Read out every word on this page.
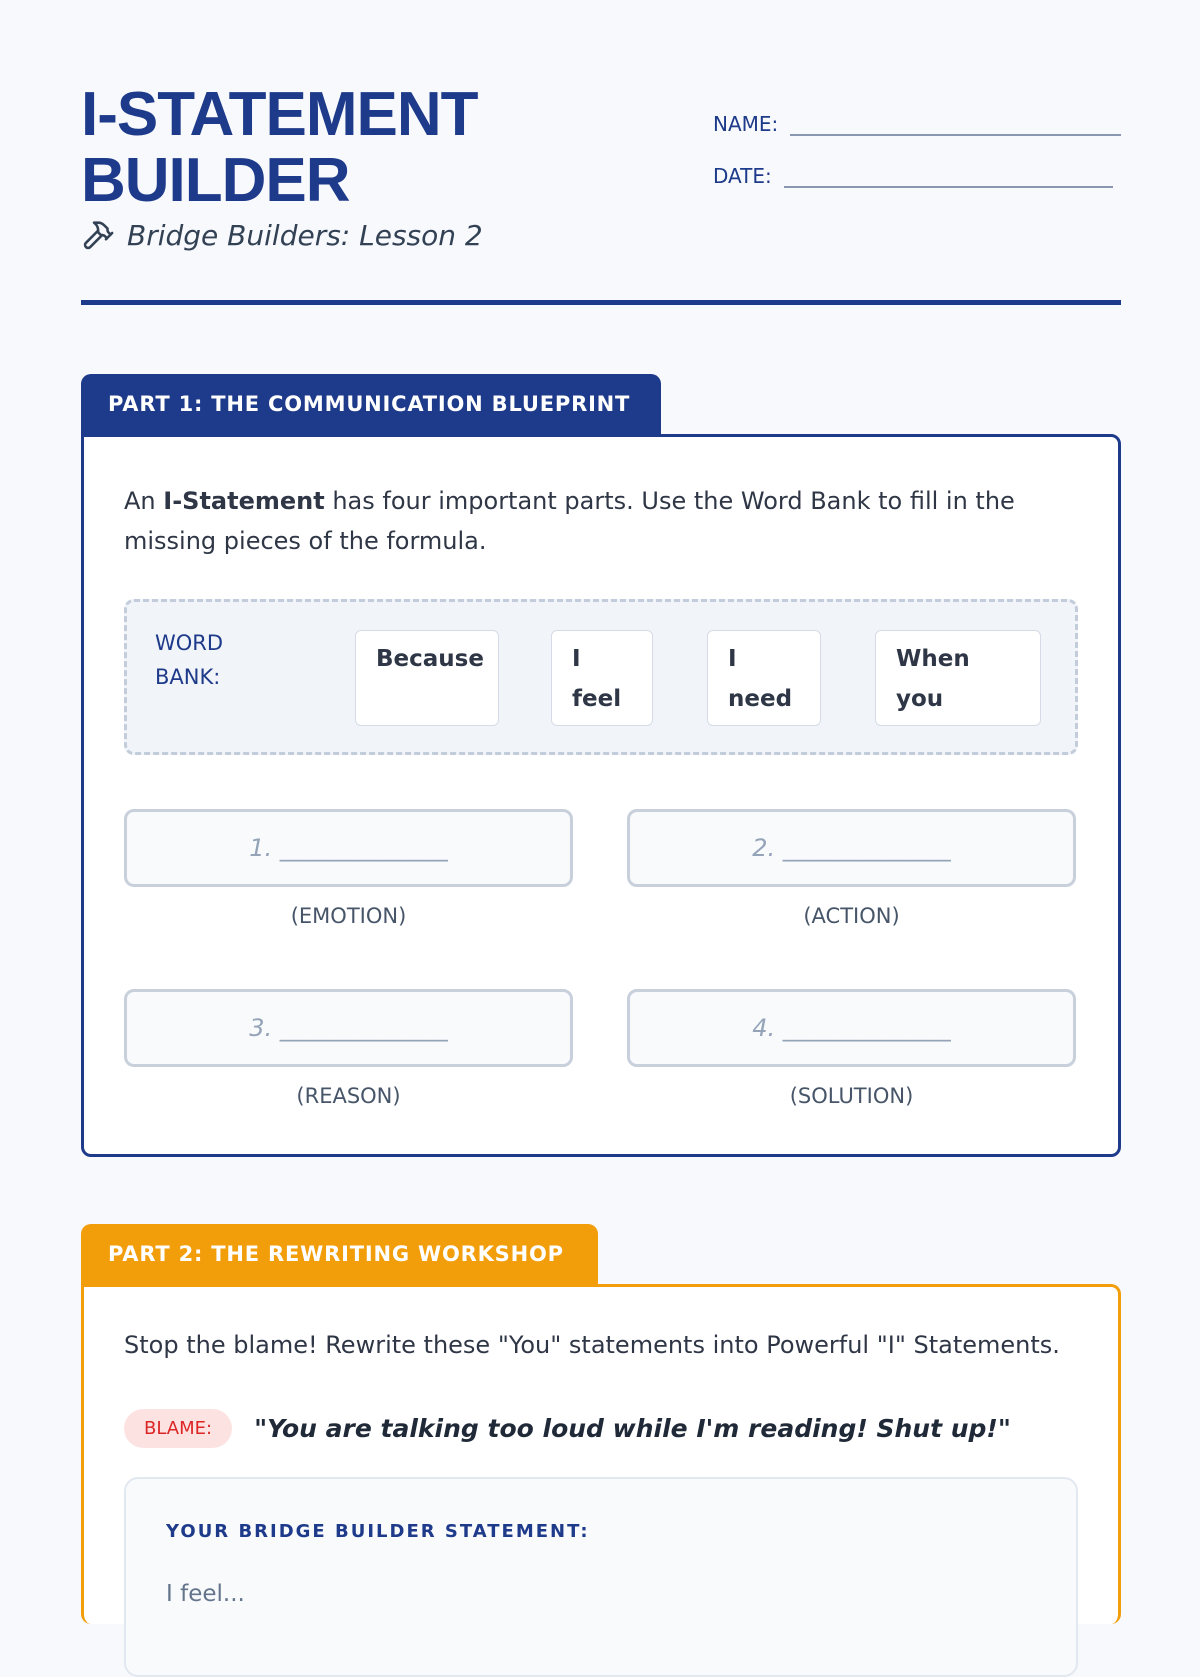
I-STATEMENT
BUILDER
Bridge Builders: Lesson 2
NAME:
DATE:
PART 1: THE COMMUNICATION BLUEPRINT

An I-Statement has four important parts. Use the Word Bank to fill in the missing pieces of the formula.

WORD BANK:
Because	I
feel
I
need
When
you
1. ______________
(EMOTION)
2. ______________
(ACTION)
3. ______________
(REASON)
4. ______________
(SOLUTION)
PART 2: THE REWRITING WORKSHOP

Stop the blame! Rewrite these "You" statements into Powerful "I" Statements.

BLAME:	"You are talking too loud while I'm reading! Shut up!"
YOUR BRIDGE BUILDER STATEMENT:
I feel...
